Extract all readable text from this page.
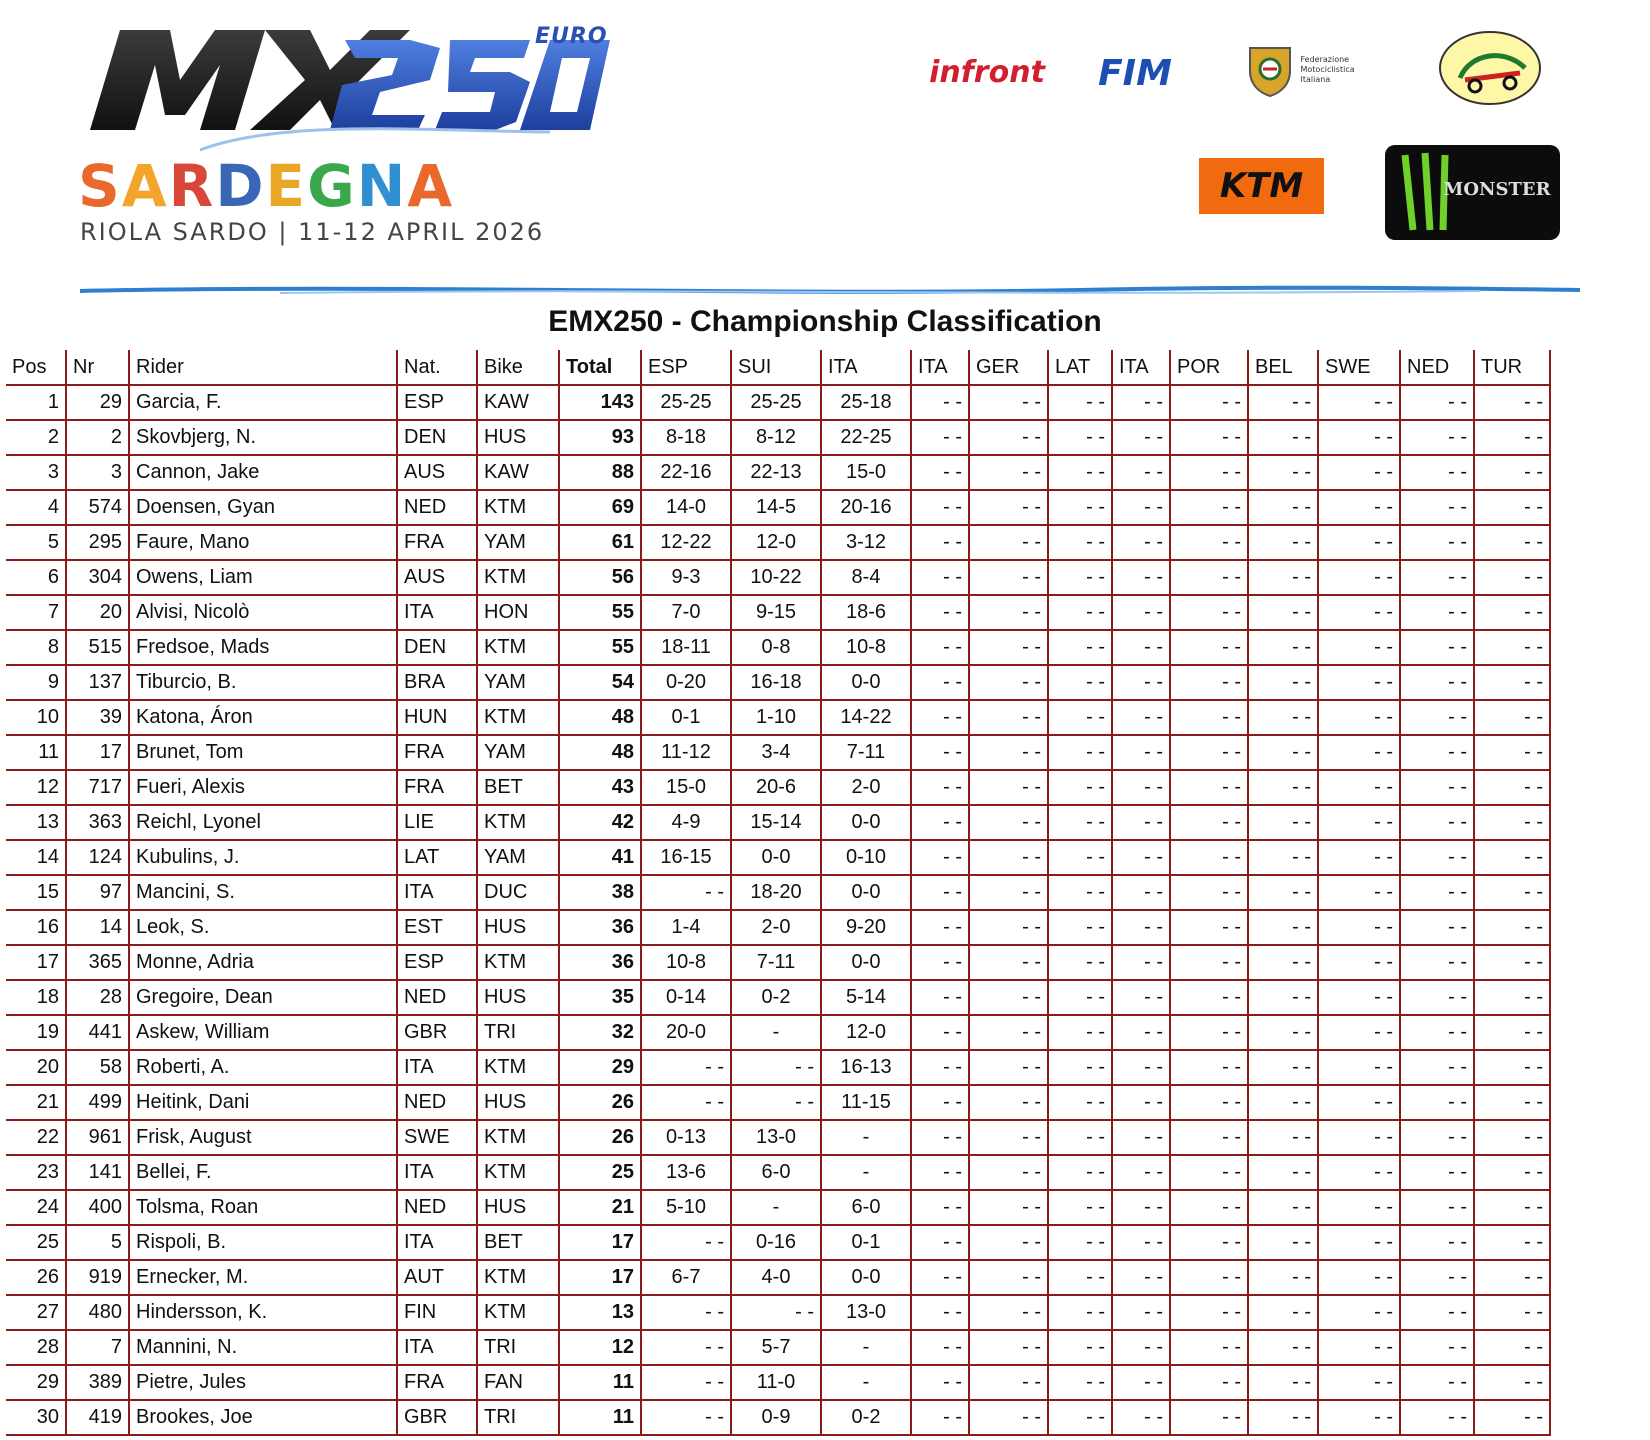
EURO
SARDEGNA
RIOLA SARDO | 11-12 APRIL 2026
infront FIM	Federazione Motociclistica Italiana
KTM	MONSTER
EMX250 - Championship Classification
Pos	Nr	Rider	Nat.	Bike	Total	ESP	SUI	ITA	ITA	GER	LAT	ITA	POR	BEL	SWE	NED	TUR
1	29	Garcia, F.	ESP	KAW	143	25-25	25-25	25-18	- -	- -	- -	- -	- -	- -	- -	- -	- -
2	2	Skovbjerg, N.	DEN	HUS	93	8-18	8-12	22-25	- -	- -	- -	- -	- -	- -	- -	- -	- -
3	3	Cannon, Jake	AUS	KAW	88	22-16	22-13	15-0	- -	- -	- -	- -	- -	- -	- -	- -	- -
4	574	Doensen, Gyan	NED	KTM	69	14-0	14-5	20-16	- -	- -	- -	- -	- -	- -	- -	- -	- -
5	295	Faure, Mano	FRA	YAM	61	12-22	12-0	3-12	- -	- -	- -	- -	- -	- -	- -	- -	- -
6	304	Owens, Liam	AUS	KTM	56	9-3	10-22	8-4	- -	- -	- -	- -	- -	- -	- -	- -	- -
7	20	Alvisi, Nicolò	ITA	HON	55	7-0	9-15	18-6	- -	- -	- -	- -	- -	- -	- -	- -	- -
8	515	Fredsoe, Mads	DEN	KTM	55	18-11	0-8	10-8	- -	- -	- -	- -	- -	- -	- -	- -	- -
9	137	Tiburcio, B.	BRA	YAM	54	0-20	16-18	0-0	- -	- -	- -	- -	- -	- -	- -	- -	- -
10	39	Katona, Áron	HUN	KTM	48	0-1	1-10	14-22	- -	- -	- -	- -	- -	- -	- -	- -	- -
11	17	Brunet, Tom	FRA	YAM	48	11-12	3-4	7-11	- -	- -	- -	- -	- -	- -	- -	- -	- -
12	717	Fueri, Alexis	FRA	BET	43	15-0	20-6	2-0	- -	- -	- -	- -	- -	- -	- -	- -	- -
13	363	Reichl, Lyonel	LIE	KTM	42	4-9	15-14	0-0	- -	- -	- -	- -	- -	- -	- -	- -	- -
14	124	Kubulins, J.	LAT	YAM	41	16-15	0-0	0-10	- -	- -	- -	- -	- -	- -	- -	- -	- -
15	97	Mancini, S.	ITA	DUC	38	- -	18-20	0-0	- -	- -	- -	- -	- -	- -	- -	- -	- -
16	14	Leok, S.	EST	HUS	36	1-4	2-0	9-20	- -	- -	- -	- -	- -	- -	- -	- -	- -
17	365	Monne, Adria	ESP	KTM	36	10-8	7-11	0-0	- -	- -	- -	- -	- -	- -	- -	- -	- -
18	28	Gregoire, Dean	NED	HUS	35	0-14	0-2	5-14	- -	- -	- -	- -	- -	- -	- -	- -	- -
19	441	Askew, William	GBR	TRI	32	20-0	-	12-0	- -	- -	- -	- -	- -	- -	- -	- -	- -
20	58	Roberti, A.	ITA	KTM	29	- -	- -	16-13	- -	- -	- -	- -	- -	- -	- -	- -	- -
21	499	Heitink, Dani	NED	HUS	26	- -	- -	11-15	- -	- -	- -	- -	- -	- -	- -	- -	- -
22	961	Frisk, August	SWE	KTM	26	0-13	13-0	-	- -	- -	- -	- -	- -	- -	- -	- -	- -
23	141	Bellei, F.	ITA	KTM	25	13-6	6-0	-	- -	- -	- -	- -	- -	- -	- -	- -	- -
24	400	Tolsma, Roan	NED	HUS	21	5-10	-	6-0	- -	- -	- -	- -	- -	- -	- -	- -	- -
25	5	Rispoli, B.	ITA	BET	17	- -	0-16	0-1	- -	- -	- -	- -	- -	- -	- -	- -	- -
26	919	Ernecker, M.	AUT	KTM	17	6-7	4-0	0-0	- -	- -	- -	- -	- -	- -	- -	- -	- -
27	480	Hindersson, K.	FIN	KTM	13	- -	- -	13-0	- -	- -	- -	- -	- -	- -	- -	- -	- -
28	7	Mannini, N.	ITA	TRI	12	- -	5-7	-	- -	- -	- -	- -	- -	- -	- -	- -	- -
29	389	Pietre, Jules	FRA	FAN	11	- -	11-0	-	- -	- -	- -	- -	- -	- -	- -	- -	- -
30	419	Brookes, Joe	GBR	TRI	11	- -	0-9	0-2	- -	- -	- -	- -	- -	- -	- -	- -	- -
